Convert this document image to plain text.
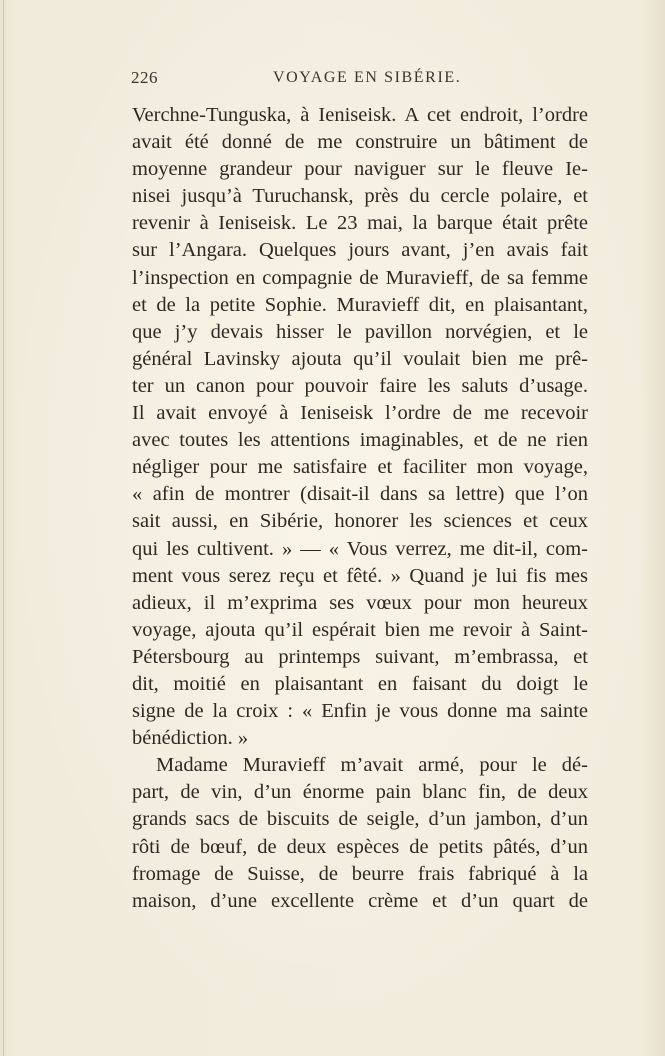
226	VOYAGE EN SIBÉRIE.
Verchne-Tunguska, à Ieniseisk. A cet endroit, l’ordre
avait été donné de me construire un bâtiment de
moyenne grandeur pour naviguer sur le fleuve Ie-
nisei jusqu’à Turuchansk, près du cercle polaire, et
revenir à Ieniseisk. Le 23 mai, la barque était prête
sur l’Angara. Quelques jours avant, j’en avais fait
l’inspection en compagnie de Muravieff, de sa femme
et de la petite Sophie. Muravieff dit, en plaisantant,
que j’y devais hisser le pavillon norvégien, et le
général Lavinsky ajouta qu’il voulait bien me prê-
ter un canon pour pouvoir faire les saluts d’usage.
Il avait envoyé à Ieniseisk l’ordre de me recevoir
avec toutes les attentions imaginables, et de ne rien
négliger pour me satisfaire et faciliter mon voyage,
« afin de montrer (disait-il dans sa lettre) que l’on
sait aussi, en Sibérie, honorer les sciences et ceux
qui les cultivent. » — « Vous verrez, me dit-il, com-
ment vous serez reçu et fêté. » Quand je lui fis mes
adieux, il m’exprima ses vœux pour mon heureux
voyage, ajouta qu’il espérait bien me revoir à Saint-
Pétersbourg au printemps suivant, m’embrassa, et
dit, moitié en plaisantant en faisant du doigt le
signe de la croix : « Enfin je vous donne ma sainte
bénédiction. »
Madame Muravieff m’avait armé, pour le dé-
part, de vin, d’un énorme pain blanc fin, de deux
grands sacs de biscuits de seigle, d’un jambon, d’un
rôti de bœuf, de deux espèces de petits pâtés, d’un
fromage de Suisse, de beurre frais fabriqué à la
maison, d’une excellente crème et d’un quart de
